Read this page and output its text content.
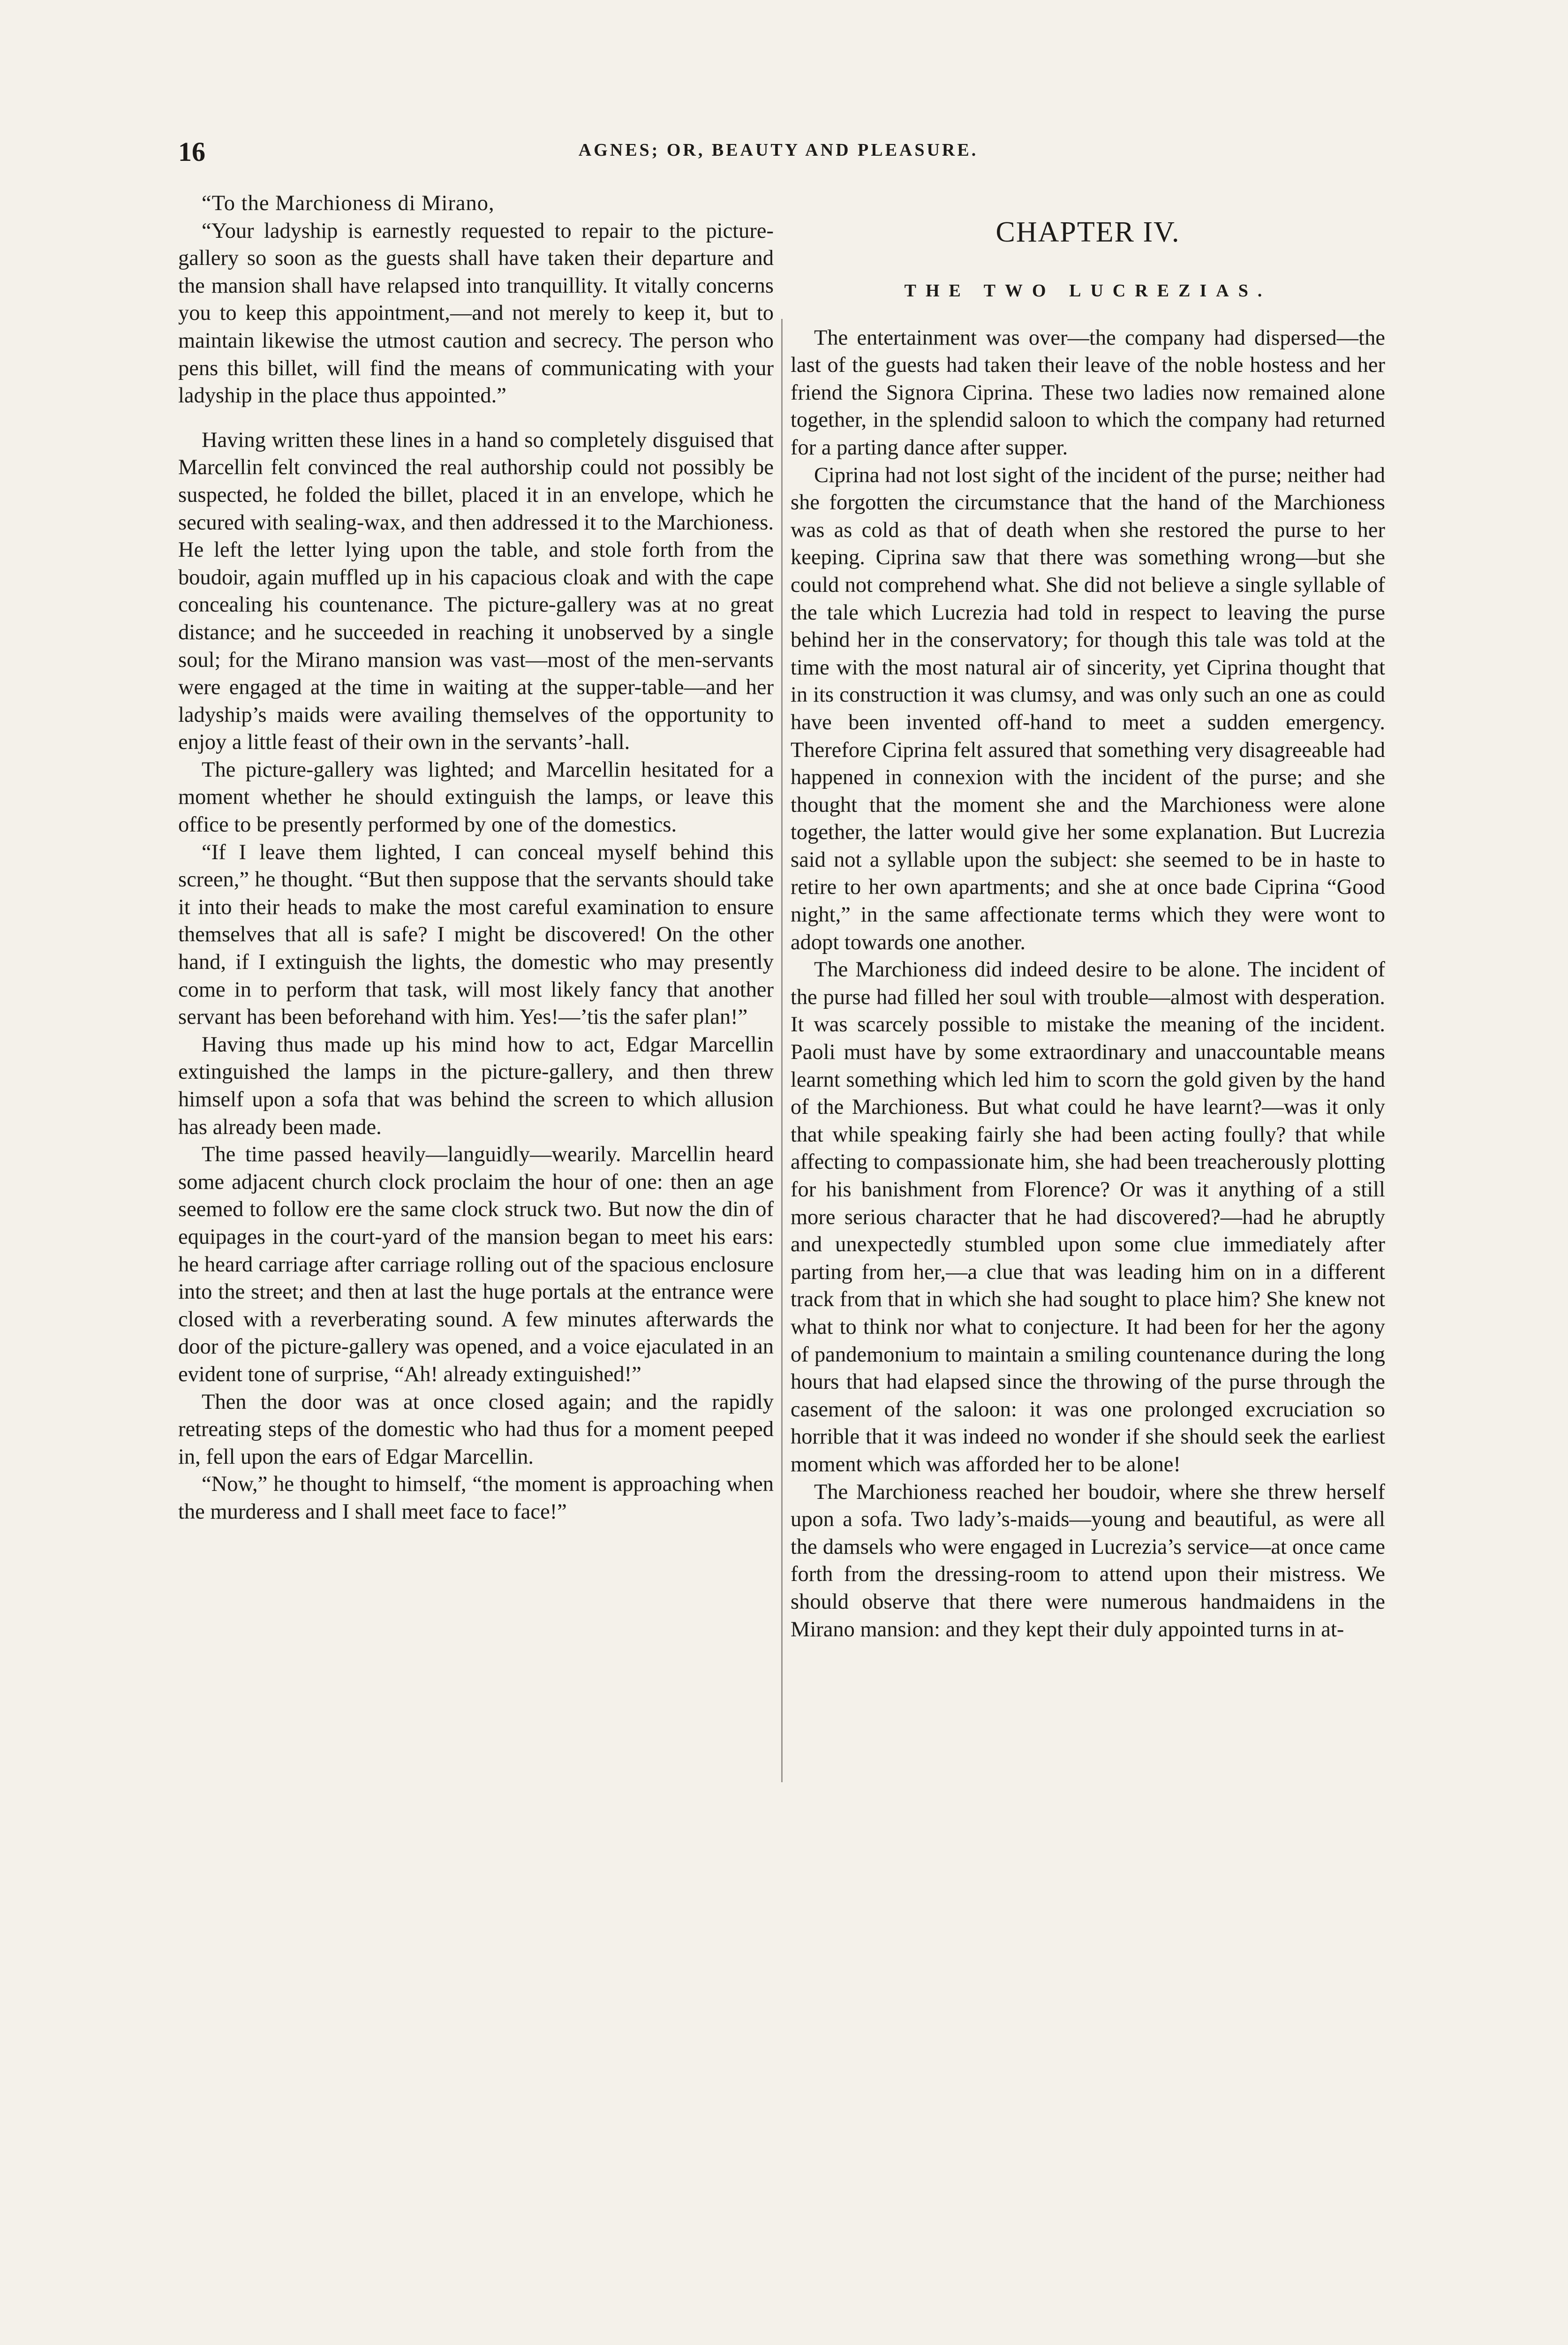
16	AGNES; OR, BEAUTY AND PLEASURE.

“To the Marchioness di Mirano,

“Your ladyship is earnestly requested to repair to the picture-gallery so soon as the guests shall have taken their departure and the mansion shall have relapsed into tranquillity. It vitally concerns you to keep this appointment,—and not merely to keep it, but to maintain likewise the utmost caution and secrecy. The person who pens this billet, will find the means of communicating with your ladyship in the place thus appointed.”

Having written these lines in a hand so completely disguised that Marcellin felt convinced the real authorship could not possibly be suspected, he folded the billet, placed it in an envelope, which he secured with sealing-wax, and then addressed it to the Marchioness. He left the letter lying upon the table, and stole forth from the boudoir, again muffled up in his capacious cloak and with the cape concealing his countenance. The picture-gallery was at no great distance; and he succeeded in reaching it unobserved by a single soul; for the Mirano mansion was vast—most of the men-servants were engaged at the time in waiting at the supper-table—and her ladyship’s maids were availing themselves of the opportunity to enjoy a little feast of their own in the servants’-hall.

The picture-gallery was lighted; and Marcellin hesitated for a moment whether he should extinguish the lamps, or leave this office to be presently performed by one of the domestics.

“If I leave them lighted, I can conceal myself behind this screen,” he thought. “But then suppose that the servants should take it into their heads to make the most careful examination to ensure themselves that all is safe? I might be discovered! On the other hand, if I extinguish the lights, the domestic who may presently come in to perform that task, will most likely fancy that another servant has been beforehand with him. Yes!—’tis the safer plan!”

Having thus made up his mind how to act, Edgar Marcellin extinguished the lamps in the picture-gallery, and then threw himself upon a sofa that was behind the screen to which allusion has already been made.

The time passed heavily—languidly—wearily. Marcellin heard some adjacent church clock proclaim the hour of one: then an age seemed to follow ere the same clock struck two. But now the din of equipages in the court-yard of the mansion began to meet his ears: he heard carriage after carriage rolling out of the spacious enclosure into the street; and then at last the huge portals at the entrance were closed with a reverberating sound. A few minutes afterwards the door of the picture-gallery was opened, and a voice ejaculated in an evident tone of surprise, “Ah! already extinguished!”

Then the door was at once closed again; and the rapidly retreating steps of the domestic who had thus for a moment peeped in, fell upon the ears of Edgar Marcellin.

“Now,” he thought to himself, “the moment is approaching when the murderess and I shall meet face to face!”

CHAPTER IV.
THE TWO LUCREZIAS.

The entertainment was over—the company had dispersed—the last of the guests had taken their leave of the noble hostess and her friend the Signora Ciprina. These two ladies now remained alone together, in the splendid saloon to which the company had returned for a parting dance after supper.

Ciprina had not lost sight of the incident of the purse; neither had she forgotten the circumstance that the hand of the Marchioness was as cold as that of death when she restored the purse to her keeping. Ciprina saw that there was something wrong—but she could not comprehend what. She did not believe a single syllable of the tale which Lucrezia had told in respect to leaving the purse behind her in the conservatory; for though this tale was told at the time with the most natural air of sincerity, yet Ciprina thought that in its construction it was clumsy, and was only such an one as could have been invented off-hand to meet a sudden emergency. Therefore Ciprina felt assured that something very disagreeable had happened in connexion with the incident of the purse; and she thought that the moment she and the Marchioness were alone together, the latter would give her some explanation. But Lucrezia said not a syllable upon the subject: she seemed to be in haste to retire to her own apartments; and she at once bade Ciprina “Good night,” in the same affectionate terms which they were wont to adopt towards one another.

The Marchioness did indeed desire to be alone. The incident of the purse had filled her soul with trouble—almost with desperation. It was scarcely possible to mistake the meaning of the incident. Paoli must have by some extraordinary and unaccountable means learnt something which led him to scorn the gold given by the hand of the Marchioness. But what could he have learnt?—was it only that while speaking fairly she had been acting foully? that while affecting to compassionate him, she had been treacherously plotting for his banishment from Florence? Or was it anything of a still more serious character that he had discovered?—had he abruptly and unexpectedly stumbled upon some clue immediately after parting from her,—a clue that was leading him on in a different track from that in which she had sought to place him? She knew not what to think nor what to conjecture. It had been for her the agony of pandemonium to maintain a smiling countenance during the long hours that had elapsed since the throwing of the purse through the casement of the saloon: it was one prolonged excruciation so horrible that it was indeed no wonder if she should seek the earliest moment which was afforded her to be alone!

The Marchioness reached her boudoir, where she threw herself upon a sofa. Two lady’s-maids—young and beautiful, as were all the damsels who were engaged in Lucrezia’s service—at once came forth from the dressing-room to attend upon their mistress. We should observe that there were numerous handmaidens in the Mirano mansion: and they kept their duly appointed turns in at-
